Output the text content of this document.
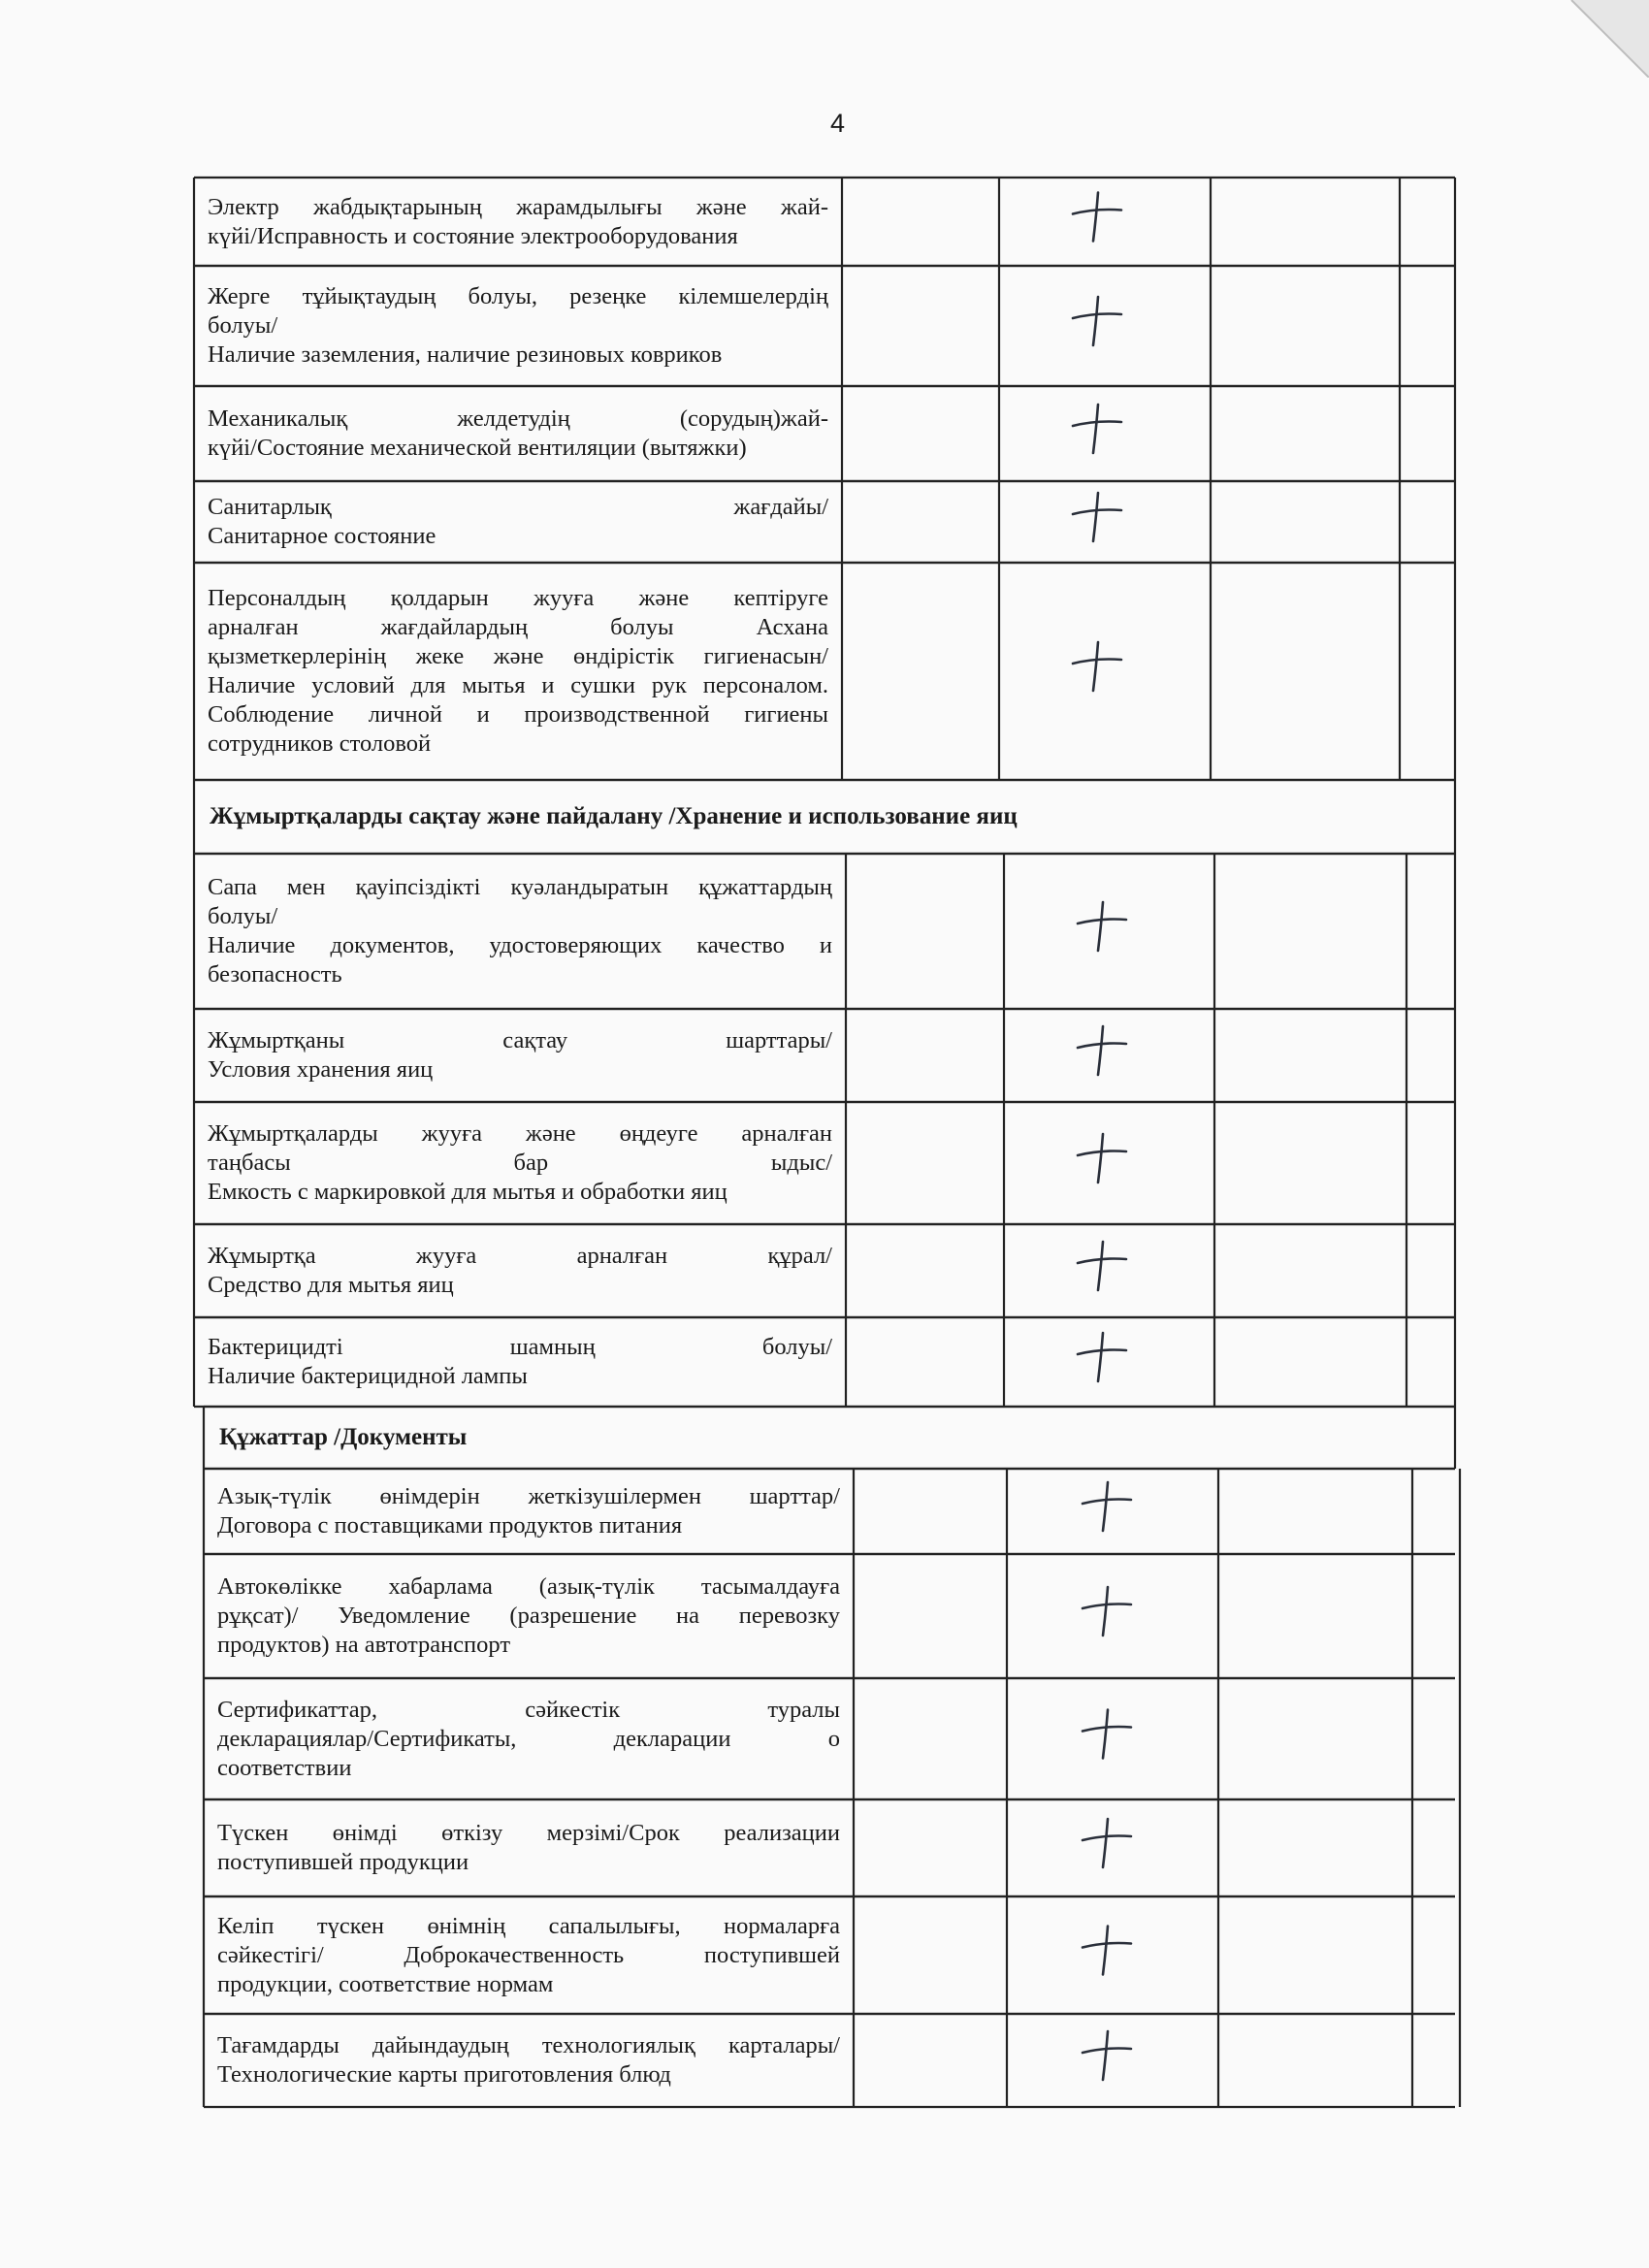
4
Электр жабдықтарының жарамдылығы және жай-
күйі/Исправность и состояние электрооборудования
Жерге тұйықтаудың болуы, резеңке кілемшелердің
болуы/
Наличие заземления, наличие резиновых ковриков
Механикалық желдетудің (сорудың)жай-
күйі/Состояние механической вентиляции (вытяжки)
Санитарлық жағдайы/
Санитарное состояние
Персоналдың қолдарын жууға және кептіруге
арналған жағдайлардың болуы Асхана
қызметкерлерінің жеке және өндірістік гигиенасын/
Наличие условий для мытья и сушки рук персоналом.
Соблюдение личной и производственной гигиены
сотрудников столовой
Жұмыртқаларды сақтау және пайдалану /Хранение и использование яиц
Сапа мен қауіпсіздікті куәландыратын құжаттардың
болуы/
Наличие документов, удостоверяющих качество и
безопасность
Жұмыртқаны сақтау шарттары/
Условия хранения яиц
Жұмыртқаларды жууға және өңдеуге арналған
таңбасы бар ыдыс/
Емкость с маркировкой для мытья и обработки яиц
Жұмыртқа жууға арналған құрал/
Средство для мытья яиц
Бактерицидті шамның болуы/
Наличие бактерицидной лампы
Құжаттар /Документы
Азық-түлік өнімдерін жеткізушілермен шарттар/
Договора с поставщиками продуктов питания
Автокөлікке хабарлама (азық-түлік тасымалдауға
рұқсат)/ Уведомление (разрешение на перевозку
продуктов) на автотранспорт
Сертификаттар, сәйкестік туралы
декларациялар/Сертификаты, декларации о
соответствии
Түскен өнімді өткізу мерзімі/Срок реализации
поступившей продукции
Келіп түскен өнімнің сапалылығы, нормаларға
сәйкестігі/ Доброкачественность поступившей
продукции, соответствие нормам
Тағамдарды дайындаудың технологиялық карталары/
Технологические карты приготовления блюд
